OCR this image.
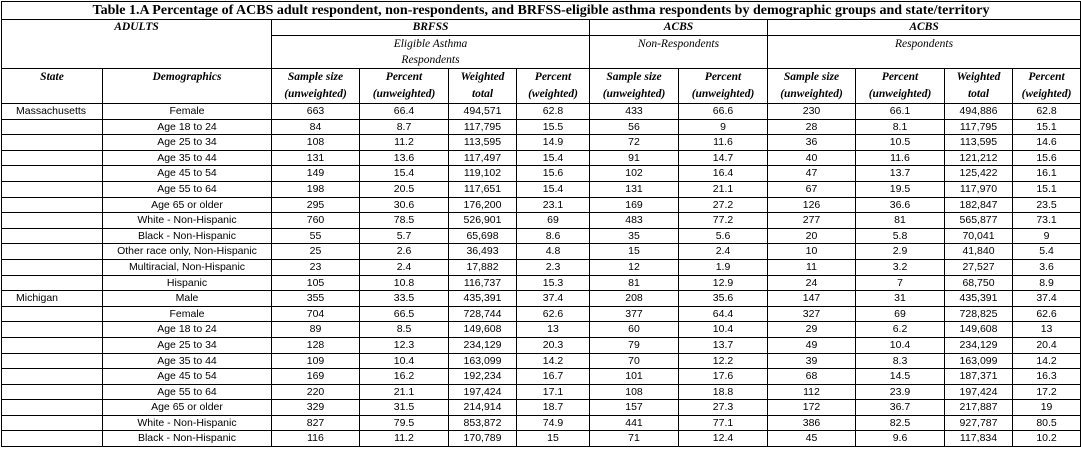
Table 1.A Percentage of ACBS adult respondent, non-respondents, and BRFSS-eligible asthma respondents by demographic groups and state/territory											
ADULTS		BRFSS				ACBS		ACBS			

		Eligible Asthma Respondents				Non-Respondents		Respondents			
State	Demographics	Sample size (unweighted)	Percent (unweighted)	Weighted total	Percent (weighted)	Sample size (unweighted)	Percent (unweighted)	Sample size (unweighted)	Percent (unweighted)	Weighted total	Percent (weighted)
Massachusetts	Female	663	66.4	494,571	62.8	433	66.6	230	66.1	494,886	62.8
	Age 18 to 24	84	8.7	117,795	15.5	56	9	28	8.1	117,795	15.1
	Age 25 to 34	108	11.2	113,595	14.9	72	11.6	36	10.5	113,595	14.6
	Age 35 to 44	131	13.6	117,497	15.4	91	14.7	40	11.6	121,212	15.6
	Age 45 to 54	149	15.4	119,102	15.6	102	16.4	47	13.7	125,422	16.1
	Age 55 to 64	198	20.5	117,651	15.4	131	21.1	67	19.5	117,970	15.1
	Age 65 or older	295	30.6	176,200	23.1	169	27.2	126	36.6	182,847	23.5
	White - Non-Hispanic	760	78.5	526,901	69	483	77.2	277	81	565,877	73.1
	Black - Non-Hispanic	55	5.7	65,698	8.6	35	5.6	20	5.8	70,041	9
	Other race only, Non-Hispanic	25	2.6	36,493	4.8	15	2.4	10	2.9	41,840	5.4
	Multiracial, Non-Hispanic	23	2.4	17,882	2.3	12	1.9	11	3.2	27,527	3.6
	Hispanic	105	10.8	116,737	15.3	81	12.9	24	7	68,750	8.9
Michigan	Male	355	33.5	435,391	37.4	208	35.6	147	31	435,391	37.4
	Female	704	66.5	728,744	62.6	377	64.4	327	69	728,825	62.6
	Age 18 to 24	89	8.5	149,608	13	60	10.4	29	6.2	149,608	13
	Age 25 to 34	128	12.3	234,129	20.3	79	13.7	49	10.4	234,129	20.4
	Age 35 to 44	109	10.4	163,099	14.2	70	12.2	39	8.3	163,099	14.2
	Age 45 to 54	169	16.2	192,234	16.7	101	17.6	68	14.5	187,371	16.3
	Age 55 to 64	220	21.1	197,424	17.1	108	18.8	112	23.9	197,424	17.2
	Age 65 or older	329	31.5	214,914	18.7	157	27.3	172	36.7	217,887	19
	White - Non-Hispanic	827	79.5	853,872	74.9	441	77.1	386	82.5	927,787	80.5
	Black - Non-Hispanic	116	11.2	170,789	15	71	12.4	45	9.6	117,834	10.2
